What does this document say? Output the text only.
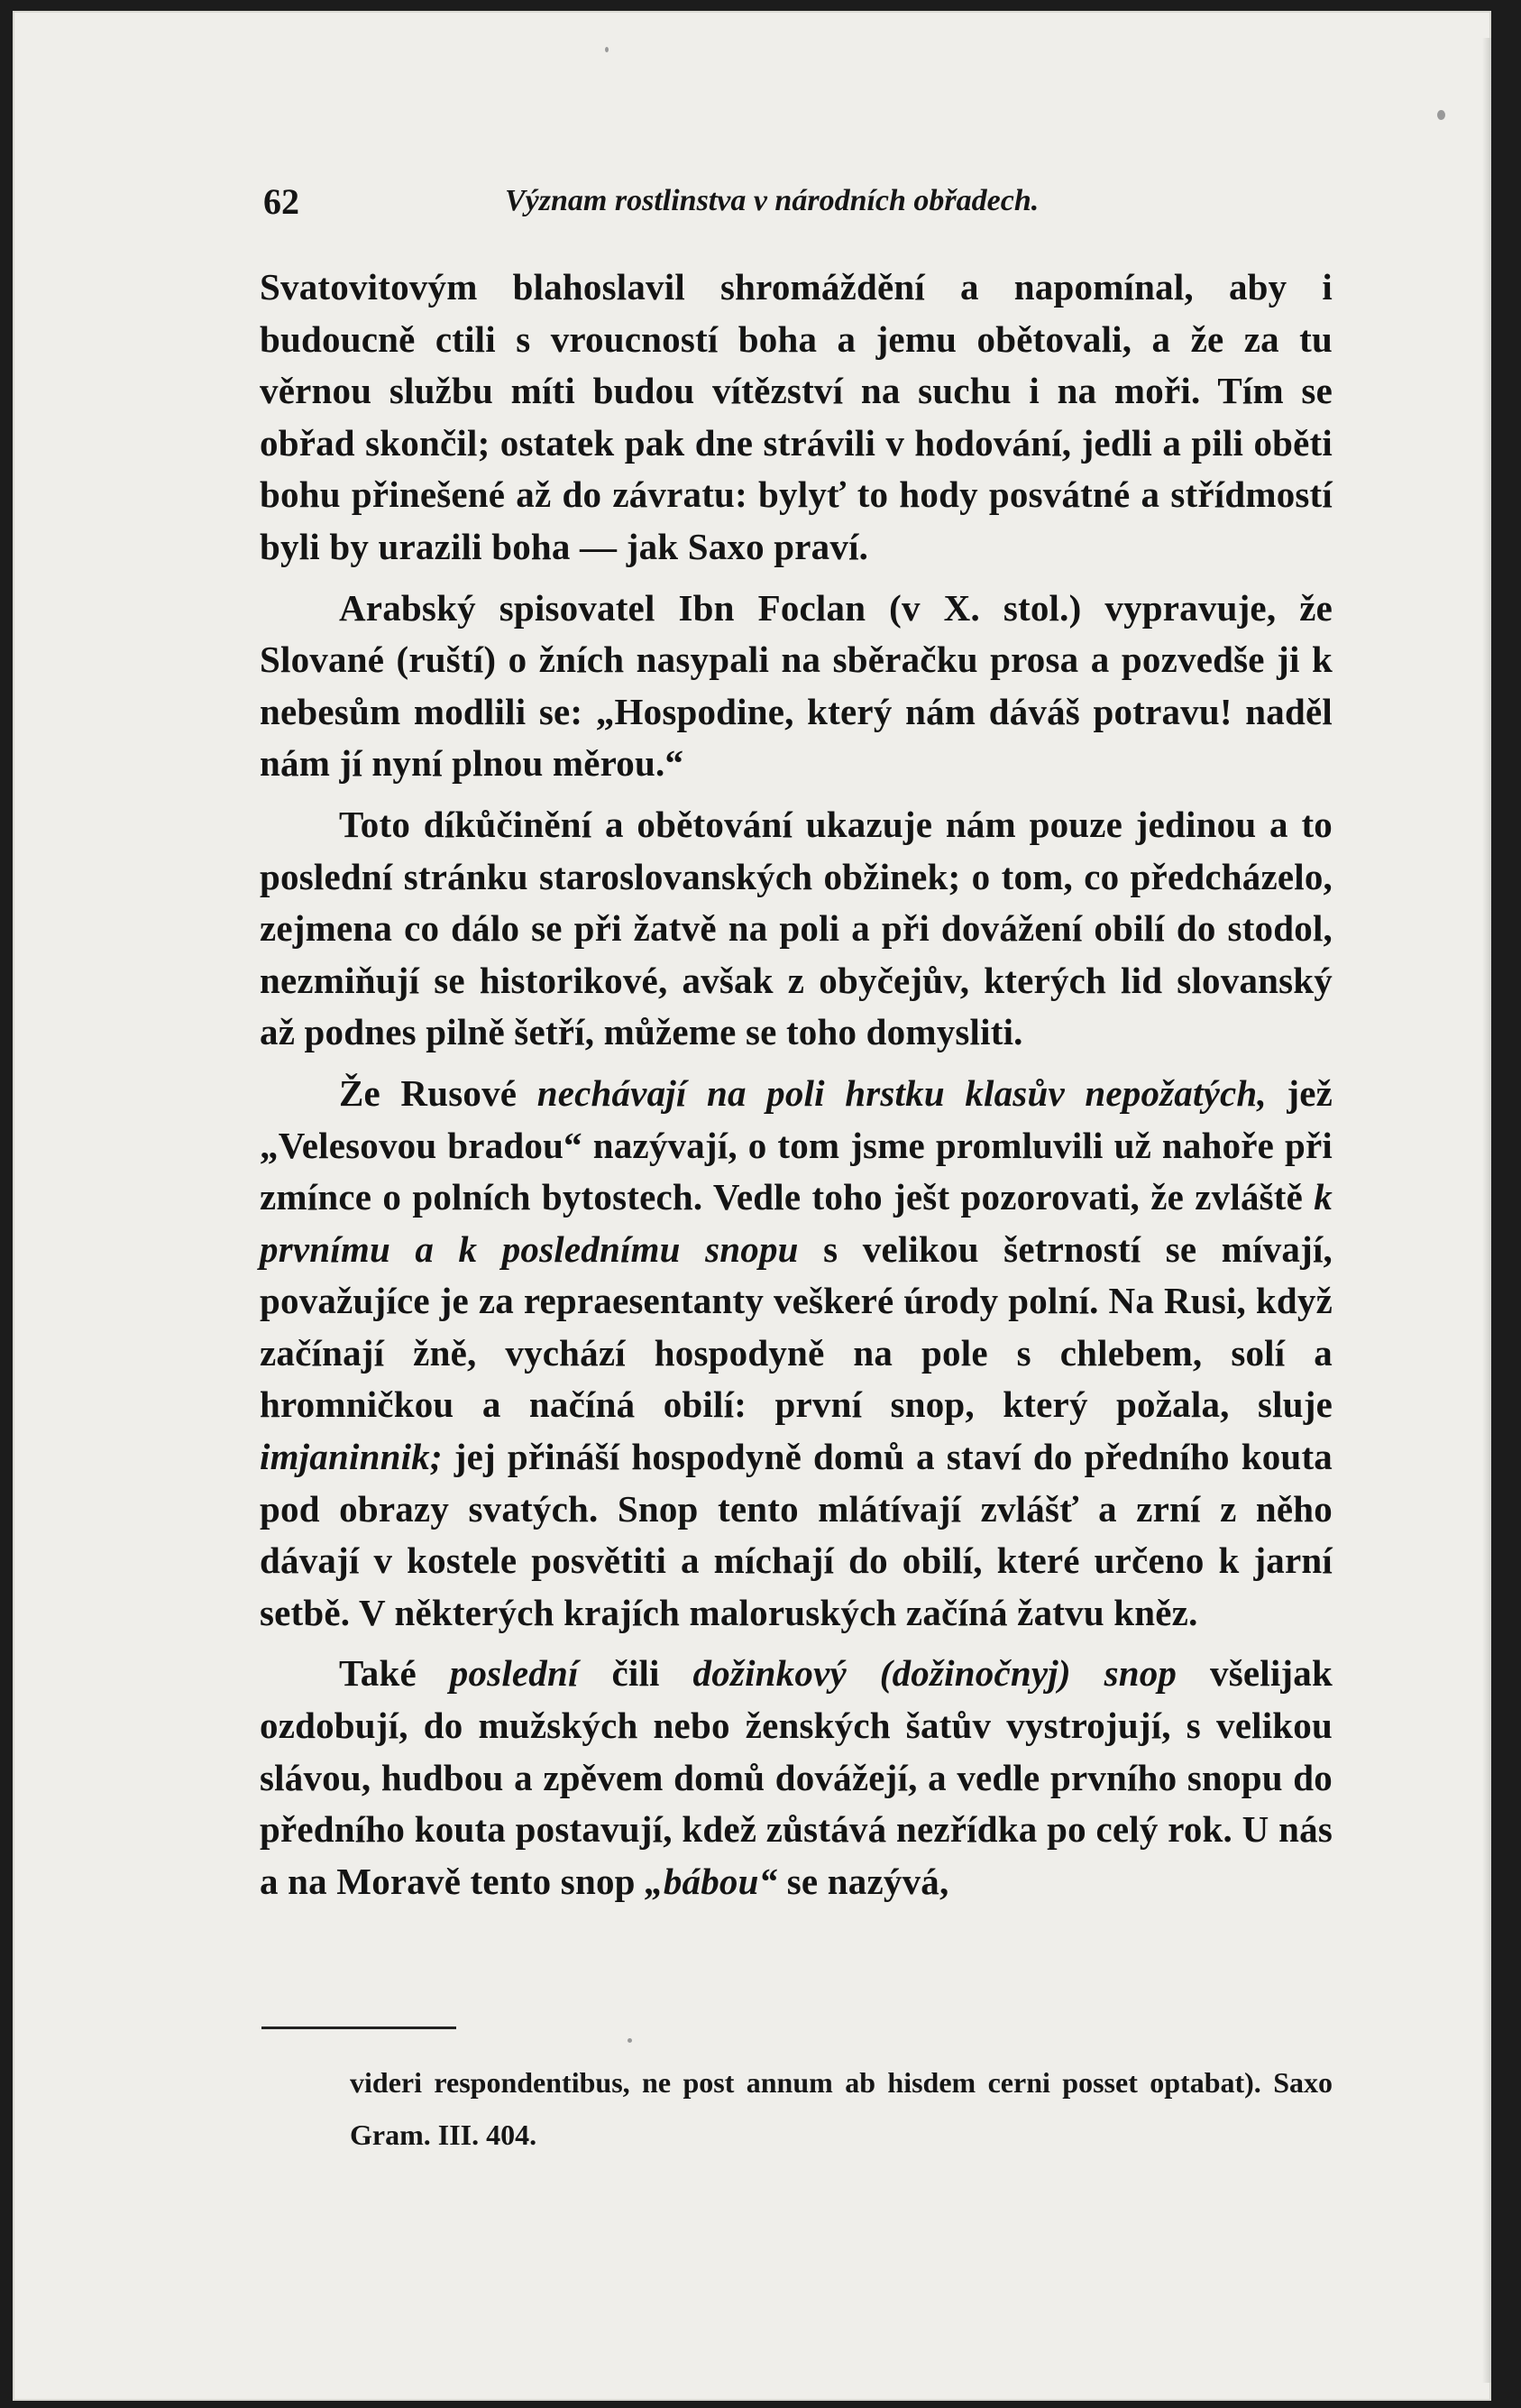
62	Význam rostlinstva v národních obřadech.

Svatovitovým blahoslavil shromáždění a napomínal, aby i budoucně ctili s vroucností boha a jemu obětovali, a že za tu věrnou službu míti budou vítězství na suchu i na moři. Tím se obřad skončil; ostatek pak dne strávili v hodování, jedli a pili oběti bohu přinešené až do závratu: bylyť to hody posvátné a střídmostí byli by urazili boha — jak Saxo praví.

Arabský spisovatel Ibn Foclan (v X. stol.) vypravuje, že Slované (ruští) o žních nasypali na sběračku prosa a pozvedše ji k nebesům modlili se: „Hospodine, který nám dáváš potravu! naděl nám jí nyní plnou měrou.“

Toto díkůčinění a obětování ukazuje nám pouze jedinou a to poslední stránku staroslovanských obžinek; o tom, co předcházelo, zejmena co dálo se při žatvě na poli a při dovážení obilí do stodol, nezmiňují se historikové, avšak z obyčejův, kterých lid slovanský až podnes pilně šetří, můžeme se toho domysliti.

Že Rusové nechávají na poli hrstku klasův nepožatých, jež „Velesovou bradou“ nazývají, o tom jsme promluvili už nahoře při zmínce o polních bytostech. Vedle toho ješt pozorovati, že zvláště k prvnímu a k poslednímu snopu s velikou šetrností se mívají, považujíce je za repraesentanty veškeré úrody polní. Na Rusi, když začínají žně, vychází hospodyně na pole s chlebem, solí a hromničkou a načíná obilí: první snop, který požala, sluje imjaninnik; jej přináší hospodyně domů a staví do předního kouta pod obrazy svatých. Snop tento mlátívají zvlášť a zrní z něho dávají v kostele posvětiti a míchají do obilí, které určeno k jarní setbě. V některých krajích maloruských začíná žatvu kněz.

Také poslední čili dožinkový (dožinočnyj) snop všelijak ozdobují, do mužských nebo ženských šatův vystrojují, s velikou slávou, hudbou a zpěvem domů dovážejí, a vedle prvního snopu do předního kouta postavují, kdež zůstává nezřídka po celý rok. U nás a na Moravě tento snop „bábou“ se nazývá,

videri respondentibus, ne post annum ab hisdem cerni posset optabat). Saxo Gram. III. 404.
